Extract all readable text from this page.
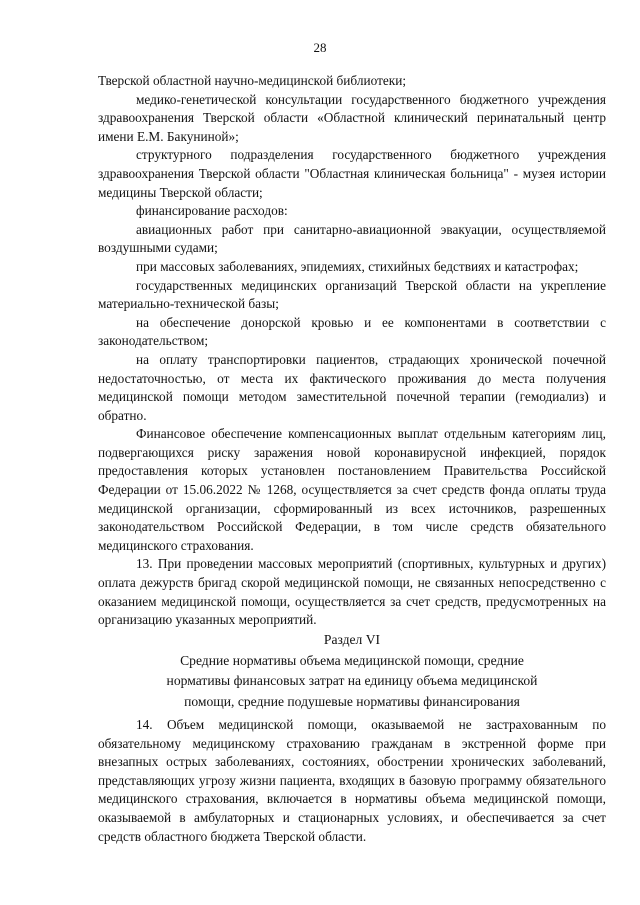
28

Тверской областной научно-медицинской библиотеки;

медико-генетической консультации государственного бюджетного учреждения здравоохранения Тверской области «Областной клинический перинатальный центр имени Е.М. Бакуниной»;

структурного подразделения государственного бюджетного учреждения здравоохранения Тверской области "Областная клиническая больница" - музея истории медицины Тверской области;

финансирование расходов:

авиационных работ при санитарно-авиационной эвакуации, осуществляемой воздушными судами;

при массовых заболеваниях, эпидемиях, стихийных бедствиях и катастрофах;

государственных медицинских организаций Тверской области на укрепление материально-технической базы;

на обеспечение донорской кровью и ее компонентами в соответствии с законодательством;

на оплату транспортировки пациентов, страдающих хронической почечной недостаточностью, от места их фактического проживания до места получения медицинской помощи методом заместительной почечной терапии (гемодиализ) и обратно.

Финансовое обеспечение компенсационных выплат отдельным категориям лиц, подвергающихся риску заражения новой коронавирусной инфекцией, порядок предоставления которых установлен постановлением Правительства Российской Федерации от 15.06.2022 № 1268, осуществляется за счет средств фонда оплаты труда медицинской организации, сформированный из всех источников, разрешенных законодательством Российской Федерации, в том числе средств обязательного медицинского страхования.

13. При проведении массовых мероприятий (спортивных, культурных и других) оплата дежурств бригад скорой медицинской помощи, не связанных непосредственно с оказанием медицинской помощи, осуществляется за счет средств, предусмотренных на организацию указанных мероприятий.

Раздел VI
Средние нормативы объема медицинской помощи, средние
нормативы финансовых затрат на единицу объема медицинской
помощи, средние подушевые нормативы финансирования

14. Объем медицинской помощи, оказываемой не застрахованным по обязательному медицинскому страхованию гражданам в экстренной форме при внезапных острых заболеваниях, состояниях, обострении хронических заболеваний, представляющих угрозу жизни пациента, входящих в базовую программу обязательного медицинского страхования, включается в нормативы объема медицинской помощи, оказываемой в амбулаторных и стационарных условиях, и обеспечивается за счет средств областного бюджета Тверской области.
